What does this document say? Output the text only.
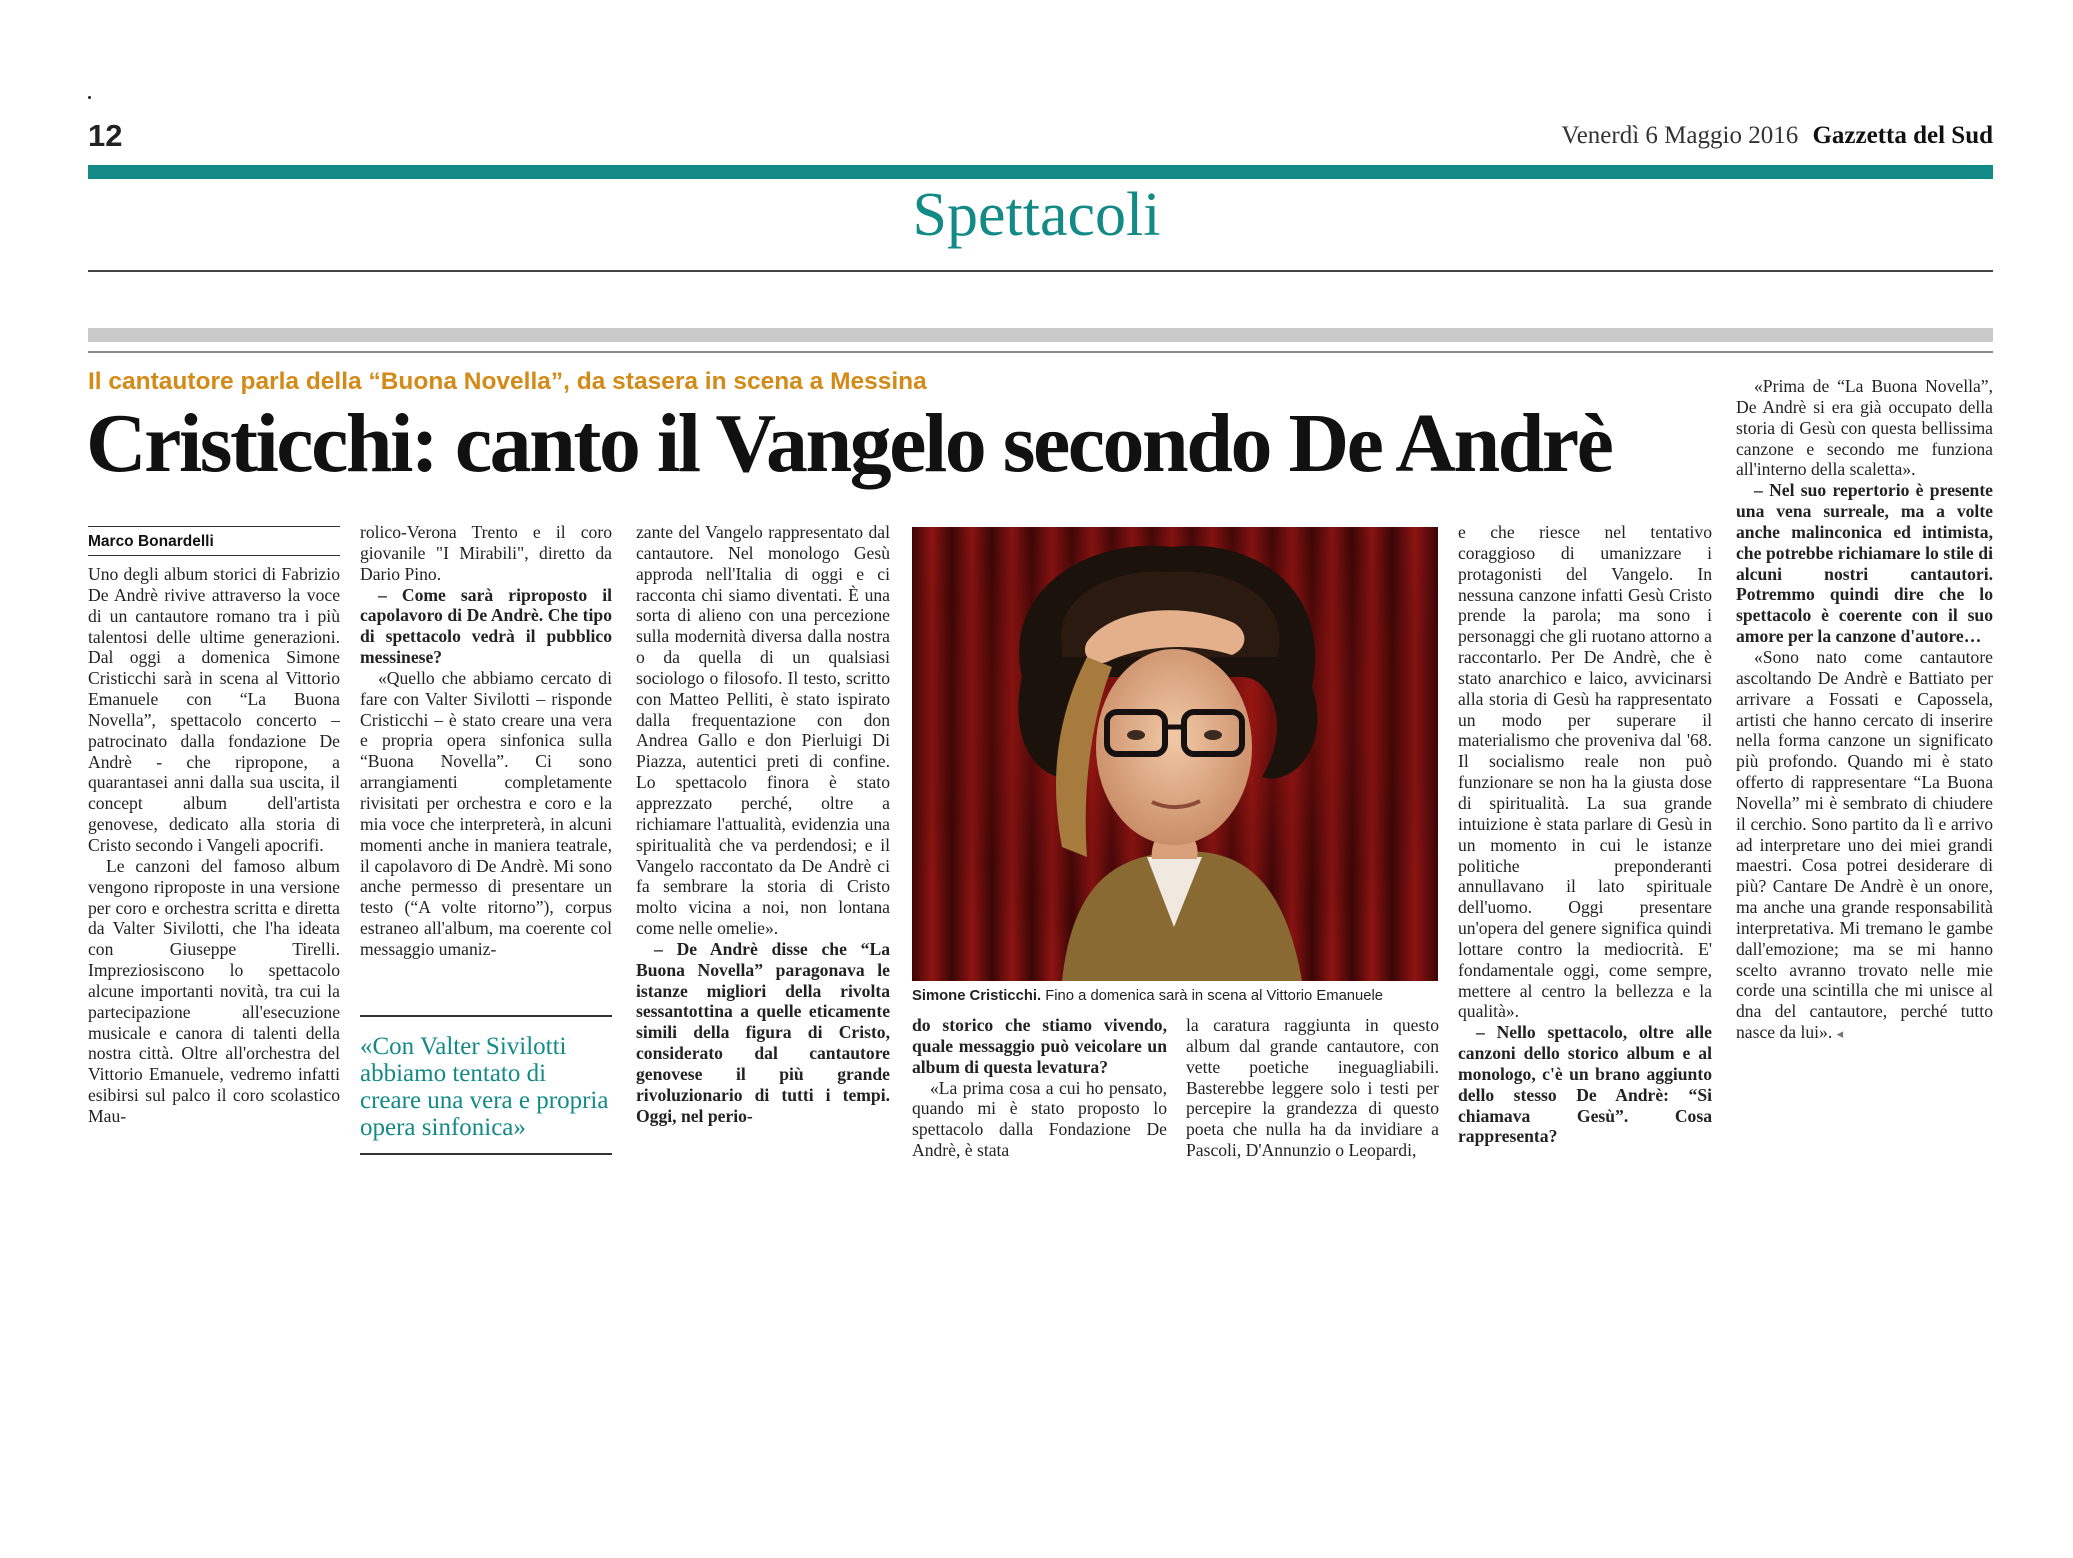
12	Venerdì 6 Maggio 2016 Gazzetta del Sud
Spettacoli
Il cantautore parla della “Buona Novella”, da stasera in scena a Messina
Cristicchi: canto il Vangelo secondo De Andrè
Marco Bonardelli

Uno degli album storici di Fabrizio De Andrè rivive attraverso la voce di un cantautore romano tra i più talentosi delle ultime generazioni. Dal oggi a domenica Simone Cristicchi sarà in scena al Vittorio Emanuele con “La Buona Novella”, spettacolo concerto – patrocinato dalla fondazione De Andrè - che ripropone, a quarantasei anni dalla sua uscita, il concept album dell'artista genovese, dedicato alla storia di Cristo secondo i Vangeli apocrifi.

Le canzoni del famoso album vengono riproposte in una versione per coro e orchestra scritta e diretta da Valter Sivilotti, che l'ha ideata con Giuseppe Tirelli. Impreziosiscono lo spettacolo alcune importanti novità, tra cui la partecipazione all'esecuzione musicale e canora di talenti della nostra città. Oltre all'orchestra del Vittorio Emanuele, vedremo infatti esibirsi sul palco il coro scolastico Mau-

rolico-Verona Trento e il coro giovanile "I Mirabili", diretto da Dario Pino.

– Come sarà riproposto il capolavoro di De Andrè. Che tipo di spettacolo vedrà il pubblico messinese?

«Quello che abbiamo cercato di fare con Valter Sivilotti – risponde Cristicchi – è stato creare una vera e propria opera sinfonica sulla “Buona Novella”. Ci sono arrangiamenti completamente rivisitati per orchestra e coro e la mia voce che interpreterà, in alcuni momenti anche in maniera teatrale, il capolavoro di De Andrè. Mi sono anche permesso di presentare un testo (“A volte ritorno”), corpus estraneo all'album, ma coerente col messaggio umaniz-

«Con Valter Sivilotti abbiamo tentato di creare una vera e propria opera sinfonica»

zante del Vangelo rappresentato dal cantautore. Nel monologo Gesù approda nell'Italia di oggi e ci racconta chi siamo diventati. È una sorta di alieno con una percezione sulla modernità diversa dalla nostra o da quella di un qualsiasi sociologo o filosofo. Il testo, scritto con Matteo Pelliti, è stato ispirato dalla frequentazione con don Andrea Gallo e don Pierluigi Di Piazza, autentici preti di confine. Lo spettacolo finora è stato apprezzato perché, oltre a richiamare l'attualità, evidenzia una spiritualità che va perdendosi; e il Vangelo raccontato da De Andrè ci fa sembrare la storia di Cristo molto vicina a noi, non lontana come nelle omelie».

– De Andrè disse che “La Buona Novella” paragonava le istanze migliori della rivolta sessantottina a quelle eticamente simili della figura di Cristo, considerato dal cantautore genovese il più grande rivoluzionario di tutti i tempi. Oggi, nel perio-

Simone Cristicchi. Fino a domenica sarà in scena al Vittorio Emanuele

do storico che stiamo vivendo, quale messaggio può veicolare un album di questa levatura?

«La prima cosa a cui ho pensato, quando mi è stato proposto lo spettacolo dalla Fondazione De Andrè, è stata

la caratura raggiunta in questo album dal grande cantautore, con vette poetiche ineguagliabili. Basterebbe leggere solo i testi per percepire la grandezza di questo poeta che nulla ha da invidiare a Pascoli, D'Annunzio o Leopardi,

e che riesce nel tentativo coraggioso di umanizzare i protagonisti del Vangelo. In nessuna canzone infatti Gesù Cristo prende la parola; ma sono i personaggi che gli ruotano attorno a raccontarlo. Per De Andrè, che è stato anarchico e laico, avvicinarsi alla storia di Gesù ha rappresentato un modo per superare il materialismo che proveniva dal '68. Il socialismo reale non può funzionare se non ha la giusta dose di spiritualità. La sua grande intuizione è stata parlare di Gesù in un momento in cui le istanze politiche preponderanti annullavano il lato spirituale dell'uomo. Oggi presentare un'opera del genere significa quindi lottare contro la mediocrità. E' fondamentale oggi, come sempre, mettere al centro la bellezza e la qualità».

– Nello spettacolo, oltre alle canzoni dello storico album e al monologo, c'è un brano aggiunto dello stesso De Andrè: “Si chiamava Gesù”. Cosa rappresenta?

«Prima de “La Buona Novella”, De Andrè si era già occupato della storia di Gesù con questa bellissima canzone e secondo me funziona all'interno della scaletta».

– Nel suo repertorio è presente una vena surreale, ma a volte anche malinconica ed intimista, che potrebbe richiamare lo stile di alcuni nostri cantautori. Potremmo quindi dire che lo spettacolo è coerente con il suo amore per la canzone d'autore…

«Sono nato come cantautore ascoltando De Andrè e Battiato per arrivare a Fossati e Capossela, artisti che hanno cercato di inserire nella forma canzone un significato più profondo. Quando mi è stato offerto di rappresentare “La Buona Novella” mi è sembrato di chiudere il cerchio. Sono partito da lì e arrivo ad interpretare uno dei miei grandi maestri. Cosa potrei desiderare di più? Cantare De Andrè è un onore, ma anche una grande responsabilità interpretativa. Mi tremano le gambe dall'emozione; ma se mi hanno scelto avranno trovato nelle mie corde una scintilla che mi unisce al dna del cantautore, perché tutto nasce da lui». ◂
